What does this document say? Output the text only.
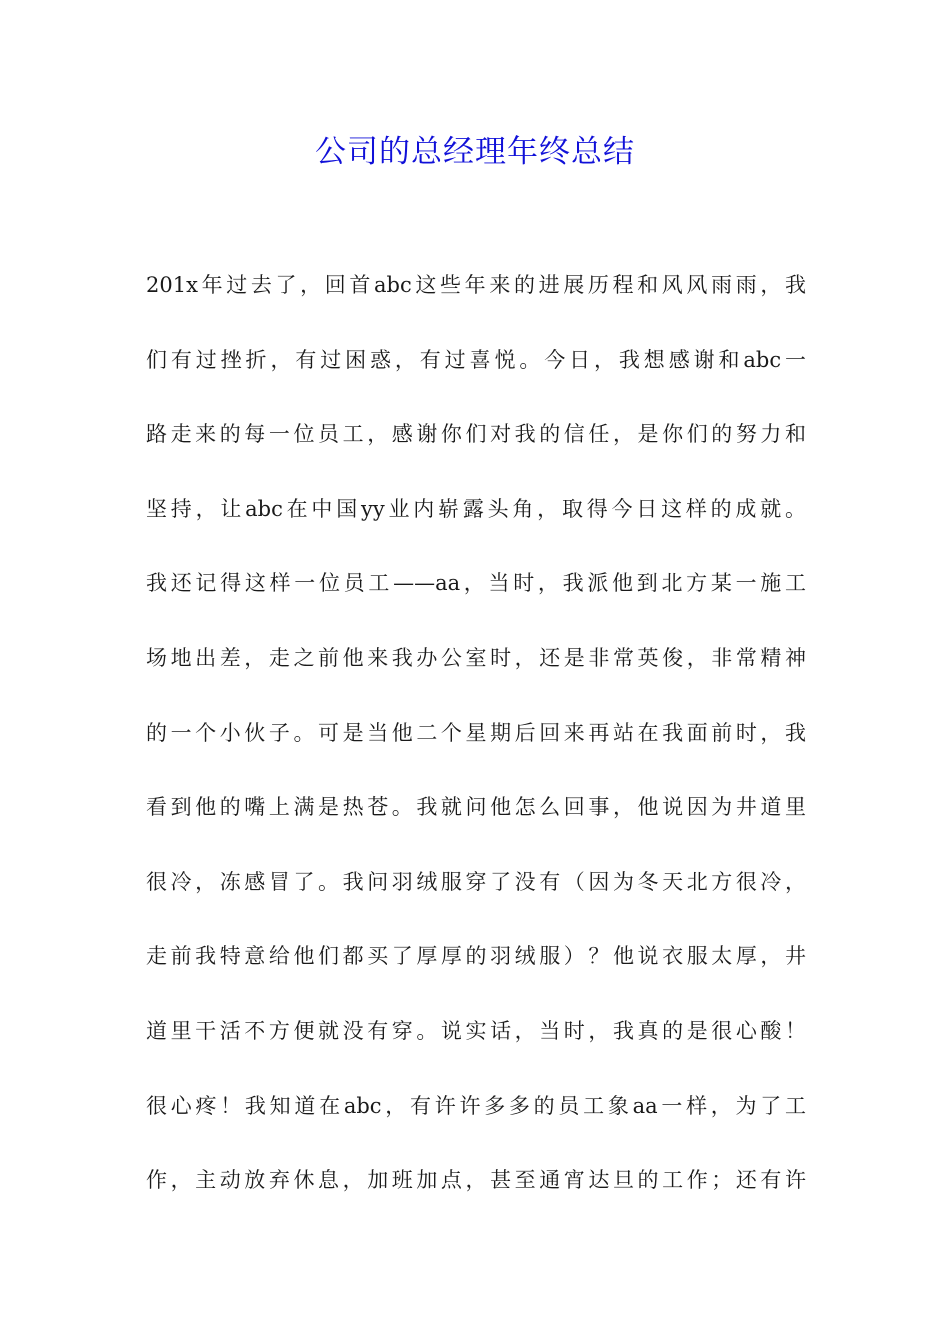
公司的总经理年终总结
201x年过去了，回首abc这些年来的进展历程和风风雨雨，我
们有过挫折，有过困惑，有过喜悦。今日，我想感谢和abc一
路走来的每一位员工，感谢你们对我的信任，是你们的努力和
坚持，让abc在中国yy业内崭露头角，取得今日这样的成就。
我还记得这样一位员工——aa，当时，我派他到北方某一施工
场地出差，走之前他来我办公室时，还是非常英俊，非常精神
的一个小伙子。可是当他二个星期后回来再站在我面前时，我
看到他的嘴上满是热苍。我就问他怎么回事，他说因为井道里
很冷，冻感冒了。我问羽绒服穿了没有（因为冬天北方很冷，
走前我特意给他们都买了厚厚的羽绒服）？他说衣服太厚，井
道里干活不方便就没有穿。说实话，当时，我真的是很心酸！
很心疼！我知道在abc，有许许多多的员工象aa一样，为了工
作，主动放弃休息，加班加点，甚至通宵达旦的工作；还有许
